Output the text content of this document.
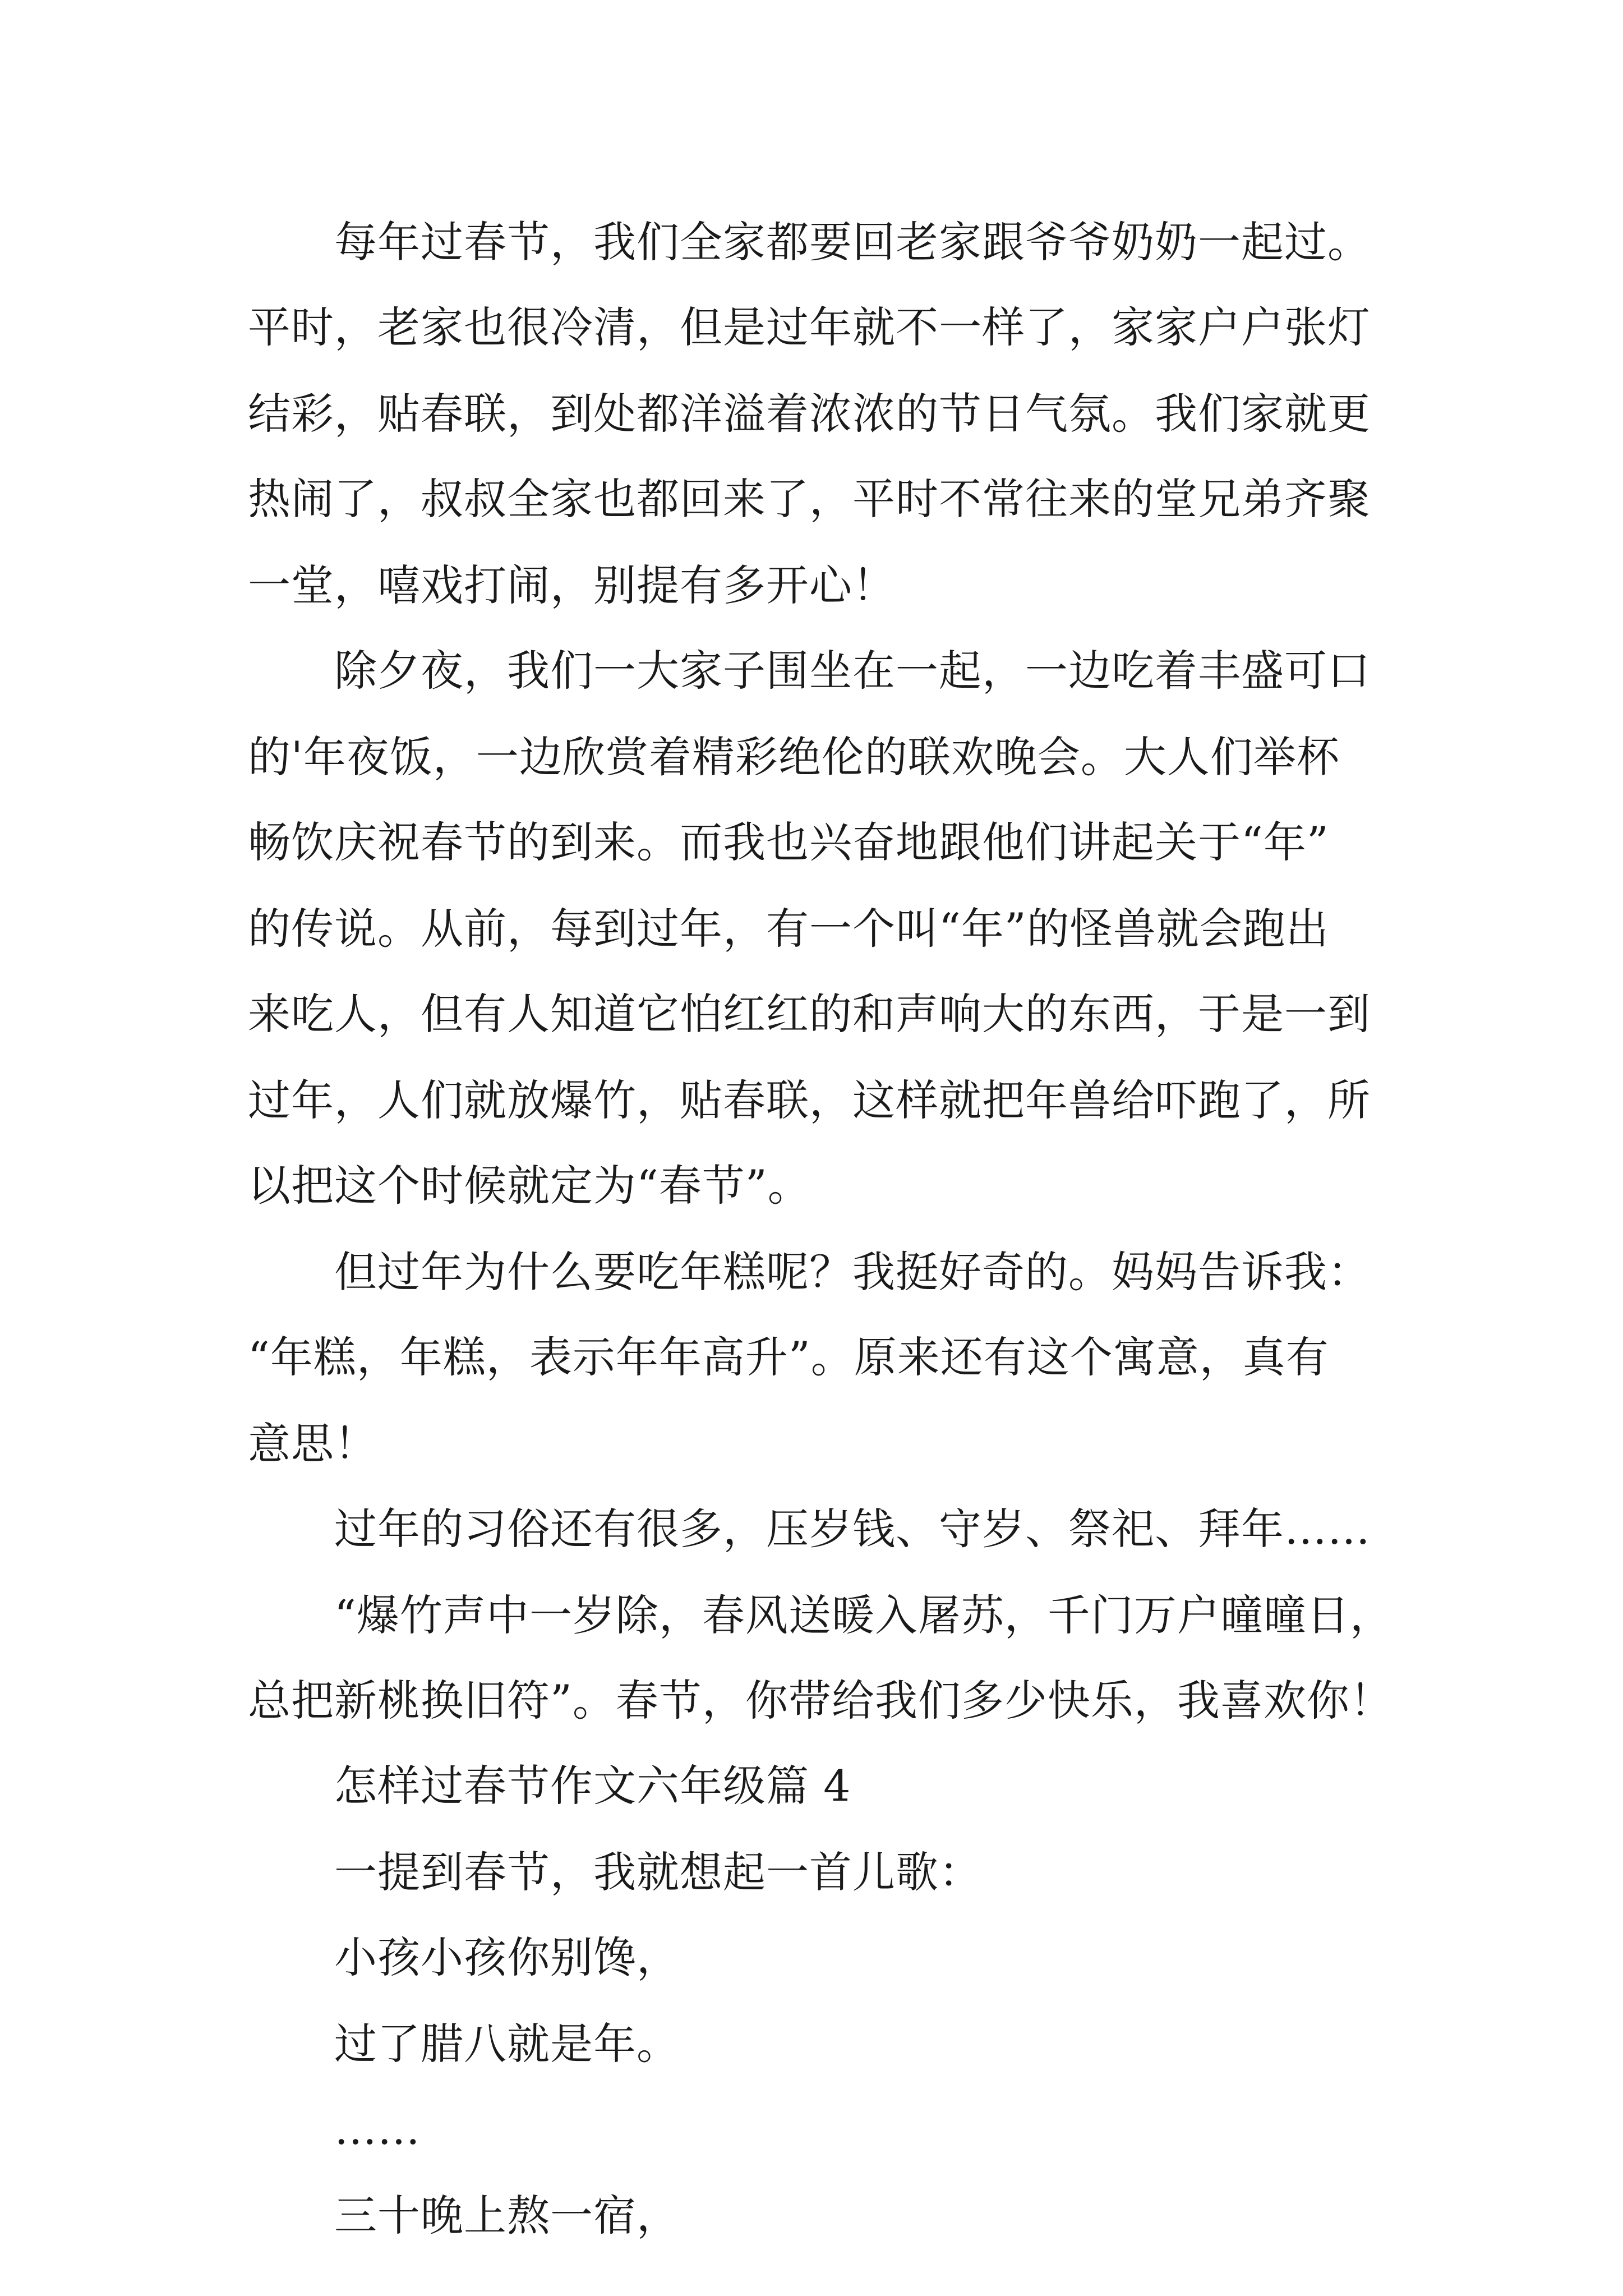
每年过春节，我们全家都要回老家跟爷爷奶奶一起过。
平时，老家也很冷清，但是过年就不一样了，家家户户张灯
结彩，贴春联，到处都洋溢着浓浓的节日气氛。我们家就更
热闹了，叔叔全家也都回来了，平时不常往来的堂兄弟齐聚
一堂，嘻戏打闹，别提有多开心！
除夕夜，我们一大家子围坐在一起，一边吃着丰盛可口
的'年夜饭，一边欣赏着精彩绝伦的联欢晚会。大人们举杯
畅饮庆祝春节的到来。而我也兴奋地跟他们讲起关于“年”
的传说。从前，每到过年，有一个叫“年”的怪兽就会跑出
来吃人，但有人知道它怕红红的和声响大的东西，于是一到
过年，人们就放爆竹，贴春联，这样就把年兽给吓跑了，所
以把这个时候就定为“春节”。
但过年为什么要吃年糕呢？我挺好奇的。妈妈告诉我：
“年糕，年糕，表示年年高升”。原来还有这个寓意，真有
意思！
过年的习俗还有很多，压岁钱、守岁、祭祀、拜年……
“爆竹声中一岁除，春风送暖入屠苏，千门万户曈曈日，
总把新桃换旧符”。春节，你带给我们多少快乐，我喜欢你！
怎样过春节作文六年级篇 4
一提到春节，我就想起一首儿歌：
小孩小孩你别馋，
过了腊八就是年。
……
三十晚上熬一宿，
